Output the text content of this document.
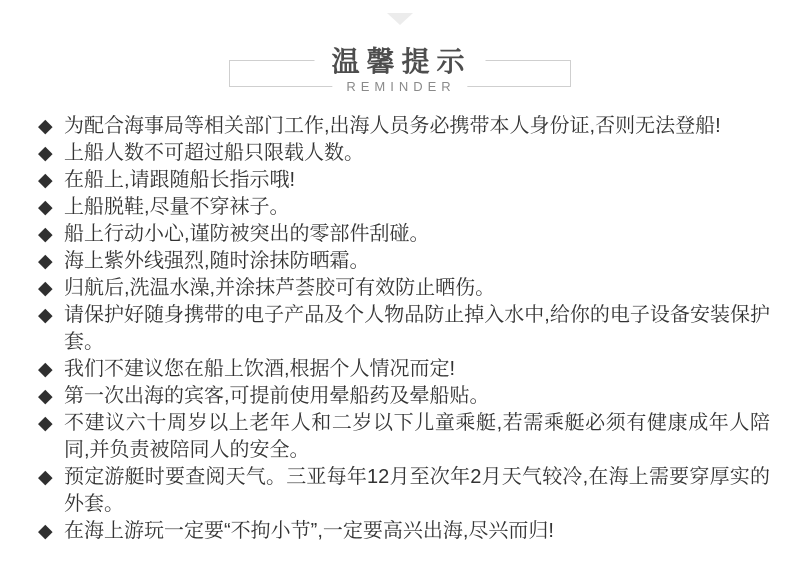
温馨提示
REMINDER
◆ 为配合海事局等相关部门工作,出海人员务必携带本人身份证,否则无法登船!
◆ 上船人数不可超过船只限载人数。
◆ 在船上,请跟随船长指示哦!
◆ 上船脱鞋,尽量不穿袜子。
◆ 船上行动小心,谨防被突出的零部件刮碰。
◆ 海上紫外线强烈,随时涂抹防晒霜。
◆ 归航后,洗温水澡,并涂抹芦荟胶可有效防止晒伤。
◆ 请保护好随身携带的电子产品及个人物品防止掉入水中,给你的电子设备安装保护套。
◆ 我们不建议您在船上饮酒,根据个人情况而定!
◆ 第一次出海的宾客,可提前使用晕船药及晕船贴。
◆ 不建议六十周岁以上老年人和二岁以下儿童乘艇,若需乘艇必须有健康成年人陪同,并负责被陪同人的安全。
◆ 预定游艇时要查阅天气。三亚每年12月至次年2月天气较冷,在海上需要穿厚实的外套。
◆ 在海上游玩一定要“不拘小节”,一定要高兴出海,尽兴而归!
